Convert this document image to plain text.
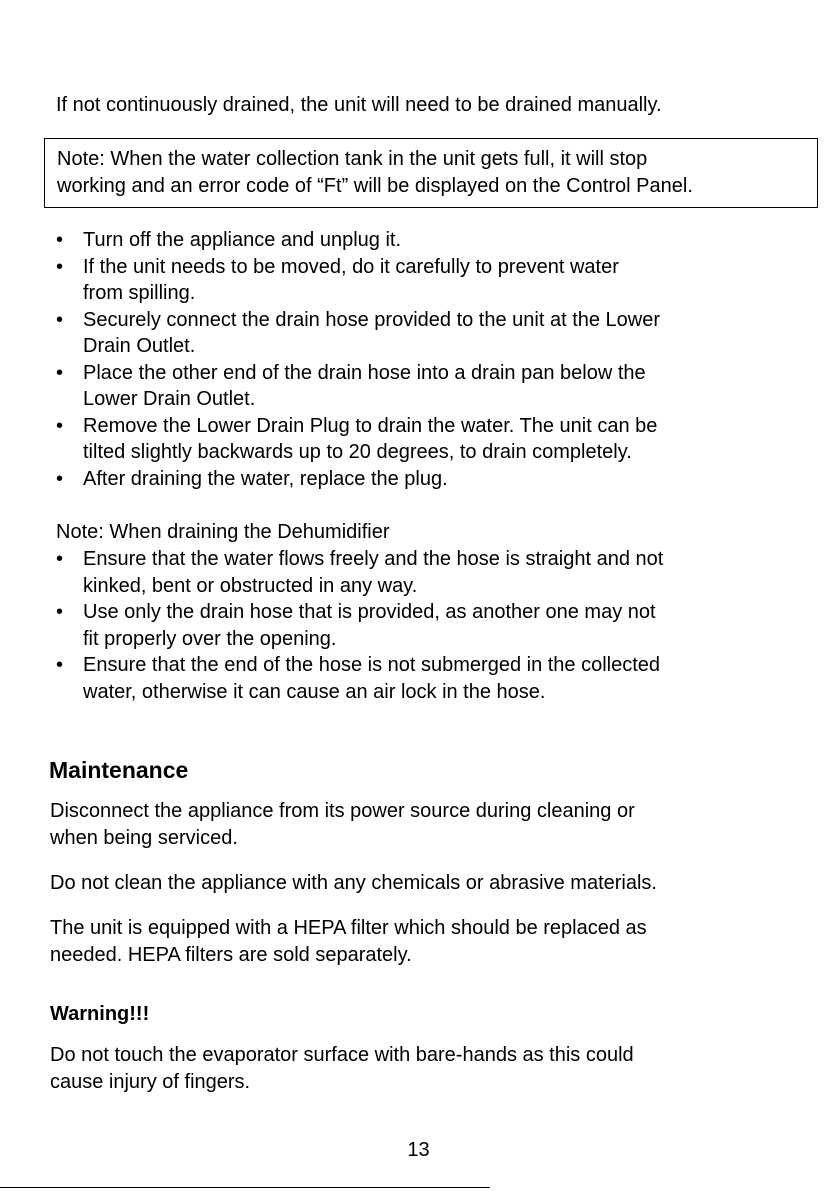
If not continuously drained, the unit will need to be drained manually.
Note: When the water collection tank in the unit gets full, it will stop
working and an error code of “Ft” will be displayed on the Control Panel.
• Turn off the appliance and unplug it.
• If the unit needs to be moved, do it carefully to prevent water
from spilling.
• Securely connect the drain hose provided to the unit at the Lower
Drain Outlet.
• Place the other end of the drain hose into a drain pan below the
Lower Drain Outlet.
• Remove the Lower Drain Plug to drain the water. The unit can be
tilted slightly backwards up to 20 degrees, to drain completely.
• After draining the water, replace the plug.
Note: When draining the Dehumidifier
• Ensure that the water flows freely and the hose is straight and not
kinked, bent or obstructed in any way.
• Use only the drain hose that is provided, as another one may not
fit properly over the opening.
• Ensure that the end of the hose is not submerged in the collected
water, otherwise it can cause an air lock in the hose.
Maintenance
Disconnect the appliance from its power source during cleaning or
when being serviced.
Do not clean the appliance with any chemicals or abrasive materials.
The unit is equipped with a HEPA filter which should be replaced as
needed. HEPA filters are sold separately.
Warning!!!
Do not touch the evaporator surface with bare-hands as this could
cause injury of fingers.
13
